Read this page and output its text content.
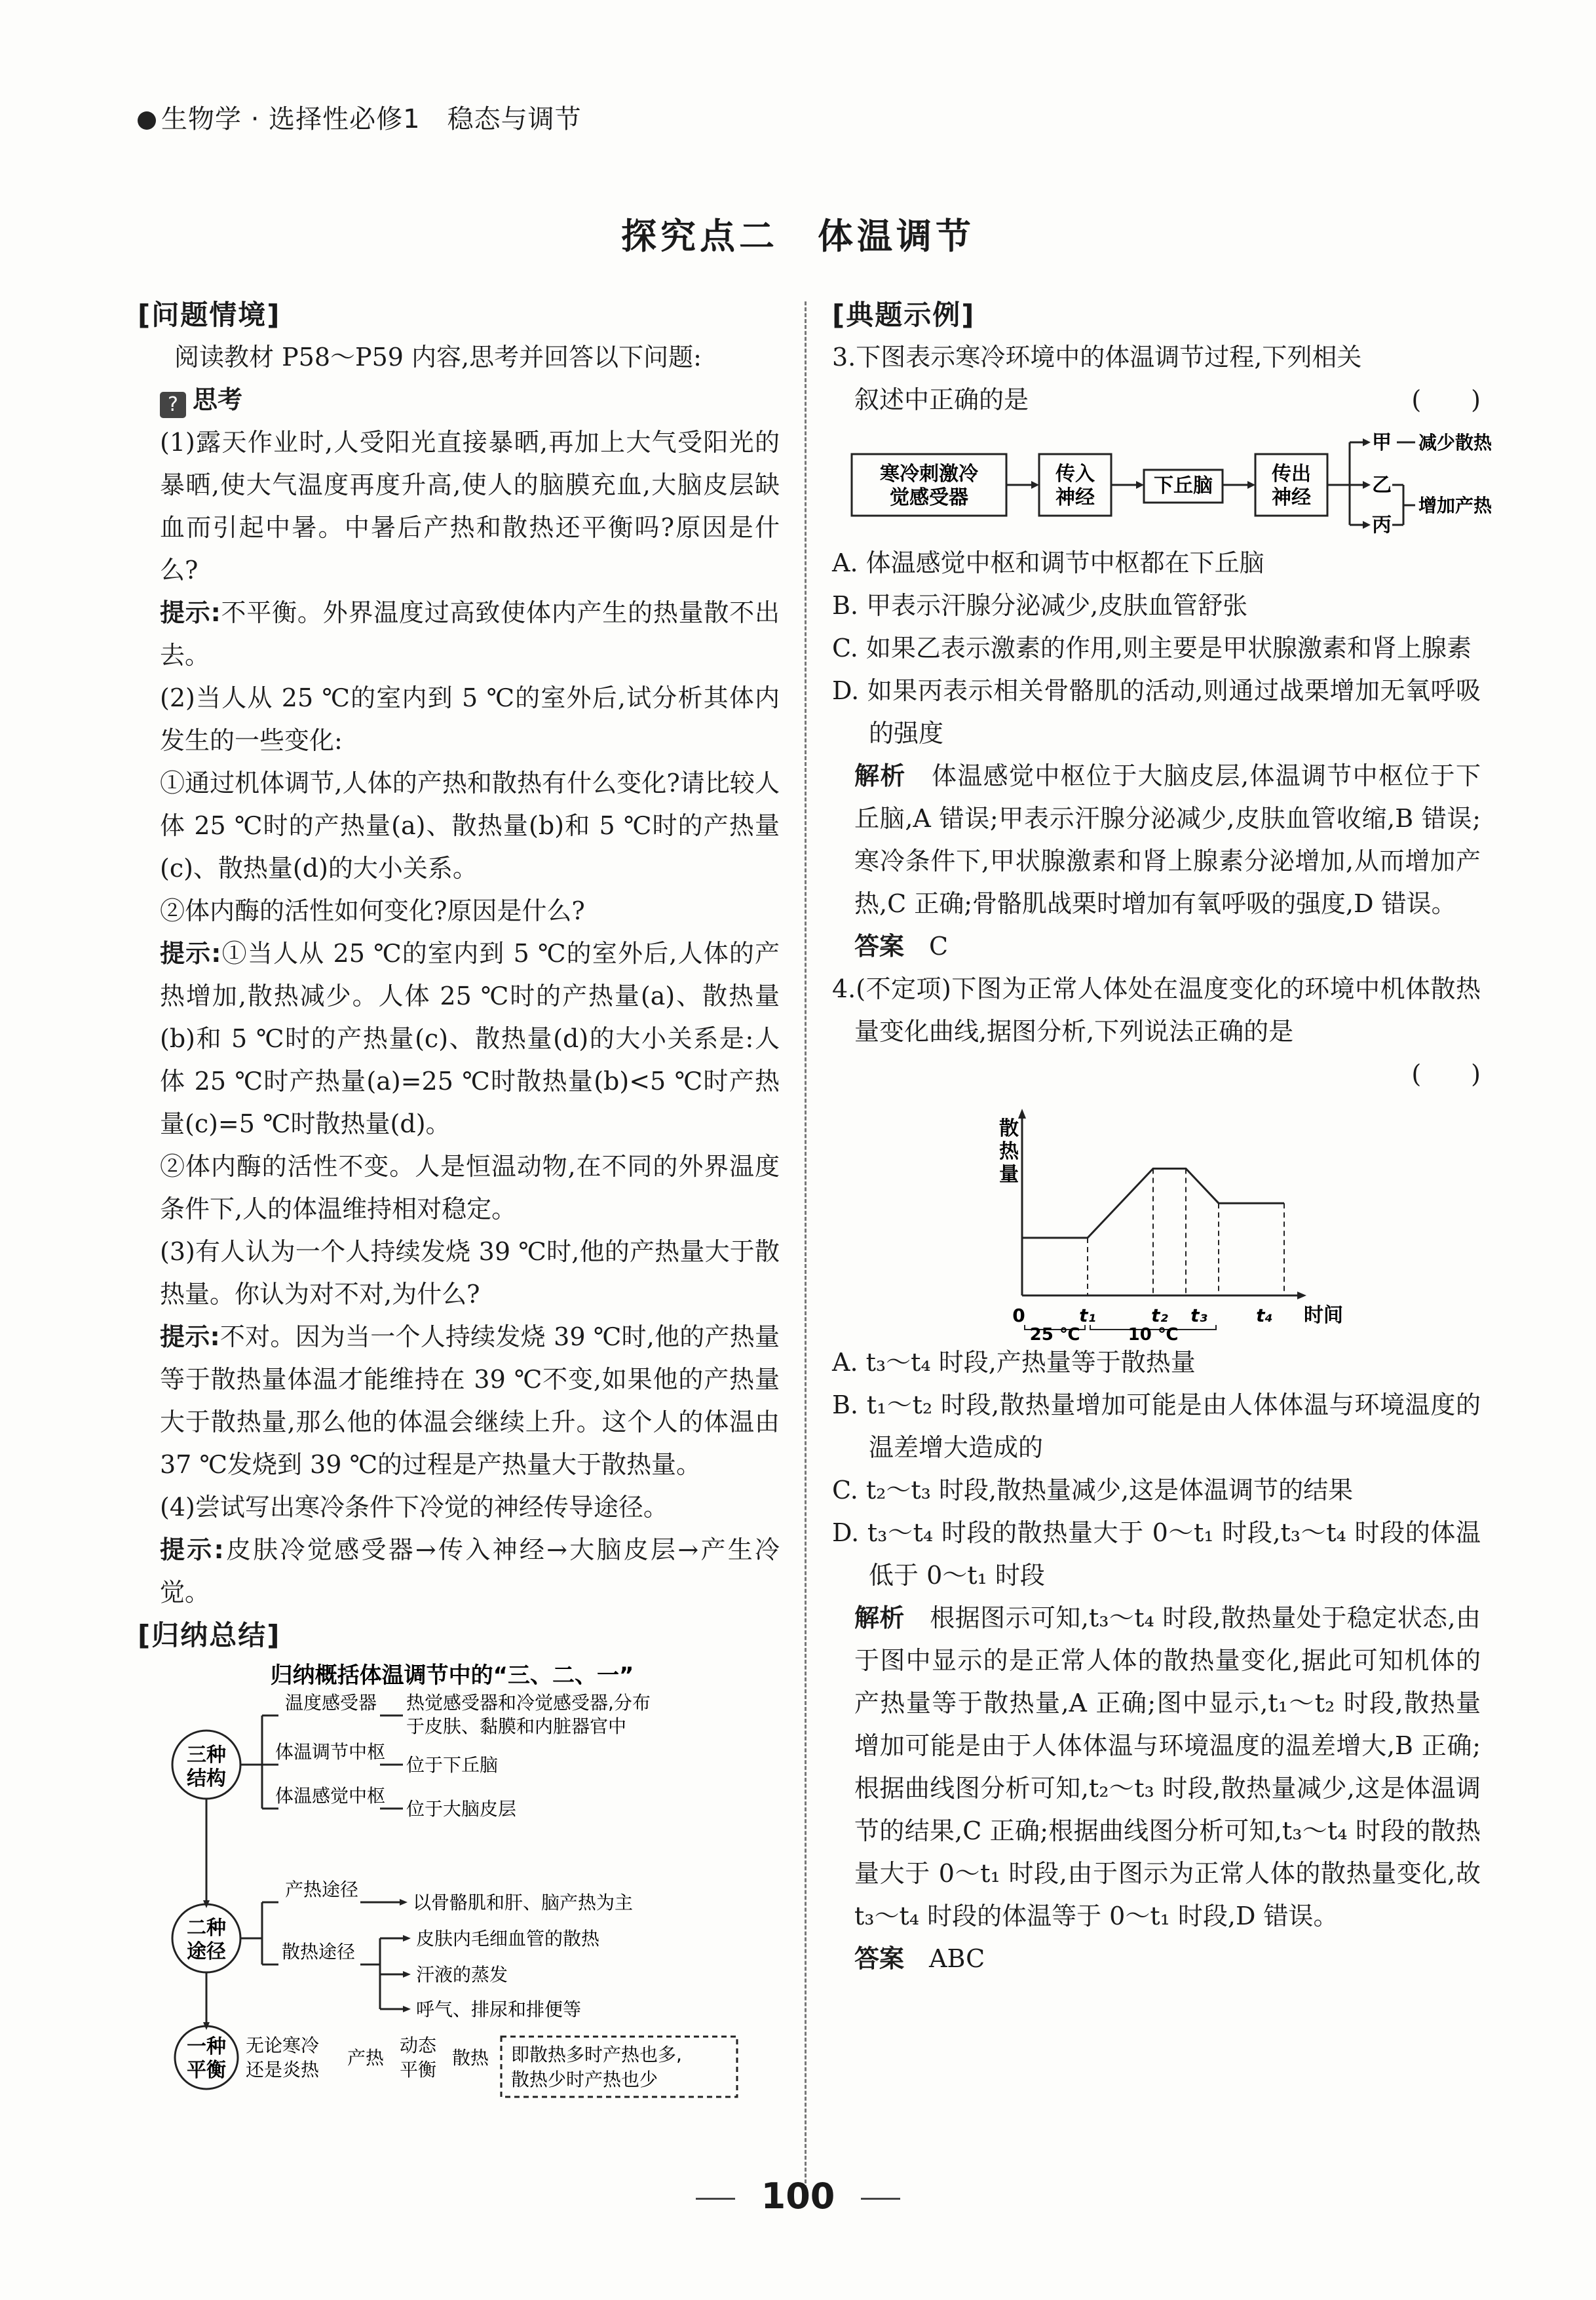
生物学 · 选择性必修1　稳态与调节
探究点二　体温调节
[问题情境]
阅读教材 P58～P59 内容,思考并回答以下问题:
? 思考
(1)露天作业时,人受阳光直接暴晒,再加上大气受阳光的暴晒,使大气温度再度升高,使人的脑膜充血,大脑皮层缺血而引起中暑。中暑后产热和散热还平衡吗?原因是什么?
提示:不平衡。外界温度过高致使体内产生的热量散不出去。
(2)当人从 25 ℃的室内到 5 ℃的室外后,试分析其体内发生的一些变化:
①通过机体调节,人体的产热和散热有什么变化?请比较人体 25 ℃时的产热量(a)、散热量(b)和 5 ℃时的产热量(c)、散热量(d)的大小关系。
②体内酶的活性如何变化?原因是什么?
提示:①当人从 25 ℃的室内到 5 ℃的室外后,人体的产热增加,散热减少。人体 25 ℃时的产热量(a)、散热量(b)和 5 ℃时的产热量(c)、散热量(d)的大小关系是:人体 25 ℃时产热量(a)=25 ℃时散热量(b)<5 ℃时产热量(c)=5 ℃时散热量(d)。
②体内酶的活性不变。人是恒温动物,在不同的外界温度条件下,人的体温维持相对稳定。
(3)有人认为一个人持续发烧 39 ℃时,他的产热量大于散热量。你认为对不对,为什么?
提示:不对。因为当一个人持续发烧 39 ℃时,他的产热量等于散热量体温才能维持在 39 ℃不变,如果他的产热量大于散热量,那么他的体温会继续上升。这个人的体温由 37 ℃发烧到 39 ℃的过程是产热量大于散热量。
(4)尝试写出寒冷条件下冷觉的神经传导途径。
提示:皮肤冷觉感受器→传入神经→大脑皮层→产生冷觉。
[归纳总结]
归纳概括体温调节中的“三、二、一”
三种
结构
二种
途径
一种
平衡
温度感受器 热觉感受器和冷觉感受器,分布
于皮肤、黏膜和内脏器官中
体温调节中枢
位于下丘脑
体温感觉中枢
位于大脑皮层
产热途径
以骨骼肌和肝、脑产热为主
散热途径
皮肤内毛细血管的散热
汗液的蒸发
呼气、排尿和排便等
无论寒冷
还是炎热
产热
动态
平衡
散热 即散热多时产热也多,
散热少时产热也少
[典题示例]
3.下图表示寒冷环境中的体温调节过程,下列相关
叙述中正确的是	(　　)
寒冷刺激冷
觉感受器
传入
神经
下丘脑
传出
神经
甲
乙
丙
减少散热
增加产热
A. 体温感觉中枢和调节中枢都在下丘脑
B. 甲表示汗腺分泌减少,皮肤血管舒张
C. 如果乙表示激素的作用,则主要是甲状腺激素和肾上腺素
D. 如果丙表示相关骨骼肌的活动,则通过战栗增加无氧呼吸的强度
解析　 体温感觉中枢位于大脑皮层,体温调节中枢位于下丘脑,A 错误;甲表示汗腺分泌减少,皮肤血管收缩,B 错误;寒冷条件下,甲状腺激素和肾上腺素分泌增加,从而增加产热,C 正确;骨骼肌战栗时增加有氧呼吸的强度,D 错误。
答案　 C
4.(不定项)下图为正常人体处在温度变化的环境中机体散热量变化曲线,据图分析,下列说法正确的是
(　　)
散
热
量
时间
0	t₁	t₂ t₃	t₄
25 ℃	10 ℃
A. t₃～t₄ 时段,产热量等于散热量
B. t₁～t₂ 时段,散热量增加可能是由人体体温与环境温度的温差增大造成的
C. t₂～t₃ 时段,散热量减少,这是体温调节的结果
D. t₃～t₄ 时段的散热量大于 0～t₁ 时段,t₃～t₄ 时段的体温低于 0～t₁ 时段
解析　 根据图示可知,t₃～t₄ 时段,散热量处于稳定状态,由于图中显示的是正常人体的散热量变化,据此可知机体的产热量等于散热量,A 正确;图中显示,t₁～t₂ 时段,散热量增加可能是由于人体体温与环境温度的温差增大,B 正确;根据曲线图分析可知,t₂～t₃ 时段,散热量减少,这是体温调节的结果,C 正确;根据曲线图分析可知,t₃～t₄ 时段的散热量大于 0～t₁ 时段,由于图示为正常人体的散热量变化,故 t₃～t₄ 时段的体温等于 0～t₁ 时段,D 错误。
答案　 ABC
100
